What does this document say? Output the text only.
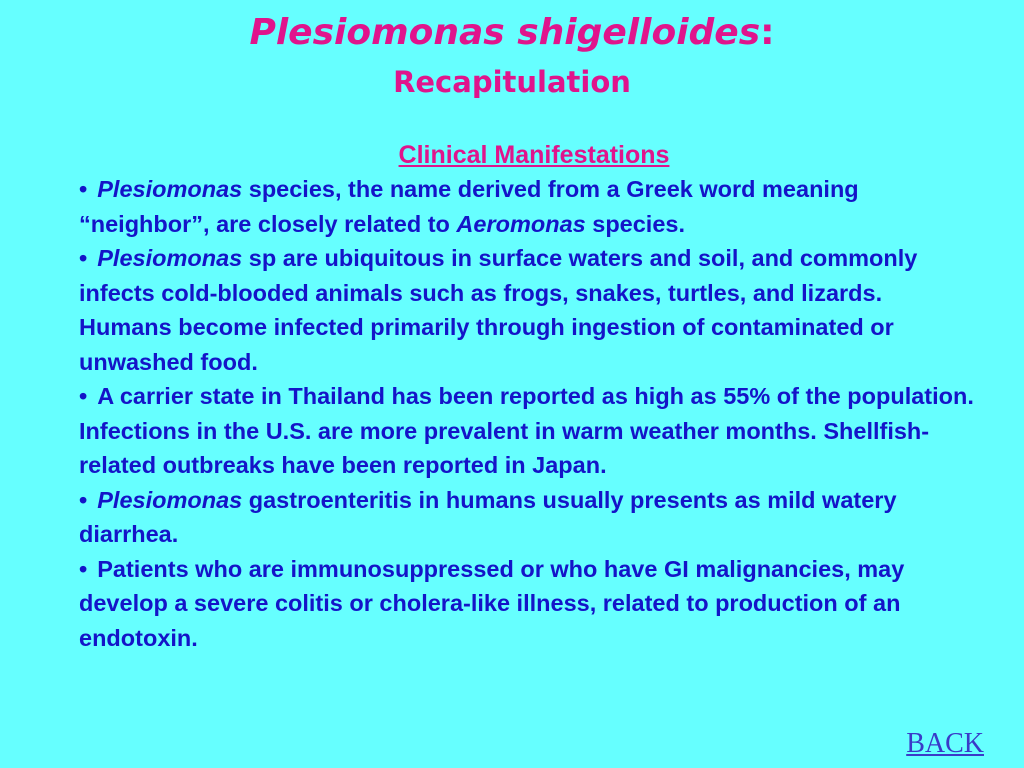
Plesiomonas shigelloides:
Recapitulation
Clinical Manifestations

• Plesiomonas species, the name derived from a Greek word meaning “neighbor”, are closely related to Aeromonas species.

• Plesiomonas sp are ubiquitous in surface waters and soil, and commonly infects cold-blooded animals such as frogs, snakes, turtles, and lizards. Humans become infected primarily through ingestion of contaminated or unwashed food.

• A carrier state in Thailand has been reported as high as 55% of the population. Infections in the U.S. are more prevalent in warm weather months. Shellfish-related outbreaks have been reported in Japan.

• Plesiomonas gastroenteritis in humans usually presents as mild watery diarrhea.

• Patients who are immunosuppressed or who have GI malignancies, may develop a severe colitis or cholera-like illness, related to production of an endotoxin.

BACK
